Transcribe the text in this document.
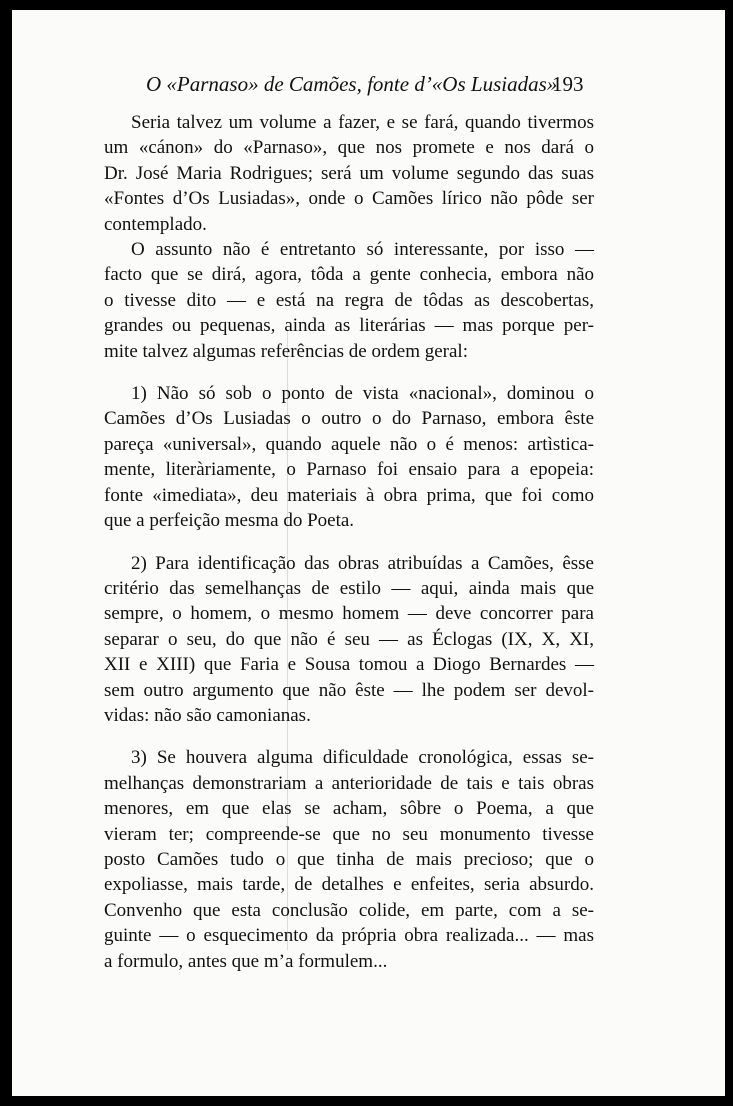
O «Parnaso» de Camões, fonte d’«Os Lusiadas»
193
Seria talvez um volume a fazer, e se fará, quando tivermos
um «cánon» do «Parnaso», que nos promete e nos dará o
Dr. José Maria Rodrigues; será um volume segundo das suas
«Fontes d’Os Lusiadas», onde o Camões lírico não pôde ser
contemplado.
O assunto não é entretanto só interessante, por isso —
facto que se dirá, agora, tôda a gente conhecia, embora não
o tivesse dito — e está na regra de tôdas as descobertas,
grandes ou pequenas, ainda as literárias — mas porque per-
mite talvez algumas referências de ordem geral:
1) Não só sob o ponto de vista «nacional», dominou o
Camões d’Os Lusiadas o outro o do Parnaso, embora êste
pareça «universal», quando aquele não o é menos: artìstica-
mente, literàriamente, o Parnaso foi ensaio para a epopeia:
fonte «imediata», deu materiais à obra prima, que foi como
que a perfeição mesma do Poeta.
2) Para identificação das obras atribuídas a Camões, êsse
critério das semelhanças de estilo — aqui, ainda mais que
sempre, o homem, o mesmo homem — deve concorrer para
separar o seu, do que não é seu — as Éclogas (IX, X, XI,
XII e XIII) que Faria e Sousa tomou a Diogo Bernardes —
sem outro argumento que não êste — lhe podem ser devol-
vidas: não são camonianas.
3) Se houvera alguma dificuldade cronológica, essas se-
melhanças demonstrariam a anterioridade de tais e tais obras
menores, em que elas se acham, sôbre o Poema, a que
vieram ter; compreende-se que no seu monumento tivesse
posto Camões tudo o que tinha de mais precioso; que o
expoliasse, mais tarde, de detalhes e enfeites, seria absurdo.
Convenho que esta conclusão colide, em parte, com a se-
guinte — o esquecimento da própria obra realizada... — mas
a formulo, antes que m’a formulem...
